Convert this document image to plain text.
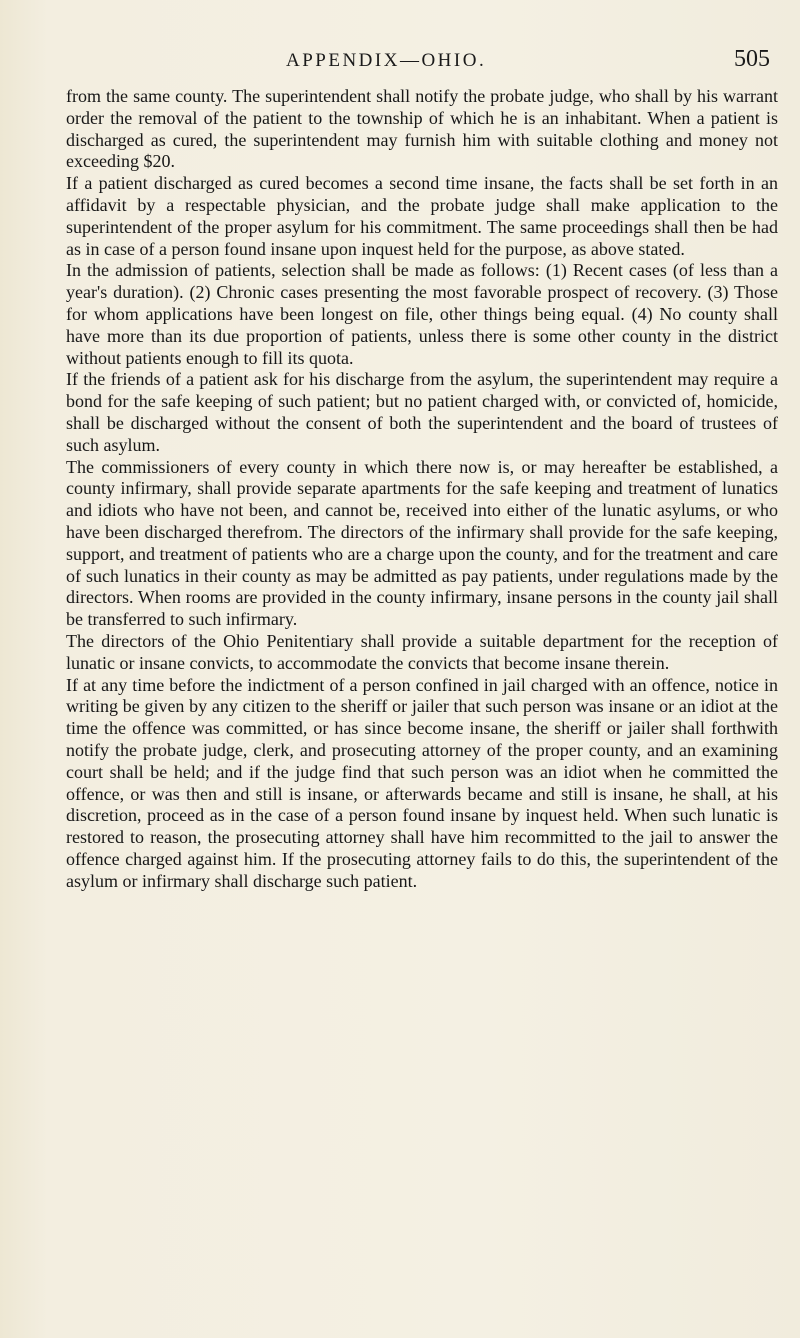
APPENDIX—OHIO.	505

from the same county. The superintendent shall notify the probate judge, who shall by his warrant order the removal of the patient to the township of which he is an inhabitant. When a patient is discharged as cured, the superintendent may furnish him with suitable clothing and money not exceeding $20.

If a patient discharged as cured becomes a second time insane, the facts shall be set forth in an affidavit by a respectable physician, and the probate judge shall make application to the superintendent of the proper asylum for his commitment. The same proceedings shall then be had as in case of a person found insane upon inquest held for the purpose, as above stated.

In the admission of patients, selection shall be made as follows: (1) Recent cases (of less than a year's duration). (2) Chronic cases presenting the most favorable prospect of recovery. (3) Those for whom applications have been longest on file, other things being equal. (4) No county shall have more than its due proportion of patients, unless there is some other county in the district without patients enough to fill its quota.

If the friends of a patient ask for his discharge from the asylum, the superintendent may require a bond for the safe keeping of such patient; but no patient charged with, or convicted of, homicide, shall be discharged without the consent of both the superintendent and the board of trustees of such asylum.

The commissioners of every county in which there now is, or may hereafter be established, a county infirmary, shall provide separate apartments for the safe keeping and treatment of lunatics and idiots who have not been, and cannot be, received into either of the lunatic asylums, or who have been discharged therefrom. The directors of the infirmary shall provide for the safe keeping, support, and treatment of patients who are a charge upon the county, and for the treatment and care of such lunatics in their county as may be admitted as pay patients, under regulations made by the directors. When rooms are provided in the county infirmary, insane persons in the county jail shall be transferred to such infirmary.

The directors of the Ohio Penitentiary shall provide a suitable department for the reception of lunatic or insane convicts, to accommodate the convicts that become insane therein.

If at any time before the indictment of a person confined in jail charged with an offence, notice in writing be given by any citizen to the sheriff or jailer that such person was insane or an idiot at the time the offence was committed, or has since become insane, the sheriff or jailer shall forthwith notify the probate judge, clerk, and prosecuting attorney of the proper county, and an examining court shall be held; and if the judge find that such person was an idiot when he committed the offence, or was then and still is insane, or afterwards became and still is insane, he shall, at his discretion, proceed as in the case of a person found insane by inquest held. When such lunatic is restored to reason, the prosecuting attorney shall have him recommitted to the jail to answer the offence charged against him. If the prosecuting attorney fails to do this, the superintendent of the asylum or infirmary shall discharge such patient.
